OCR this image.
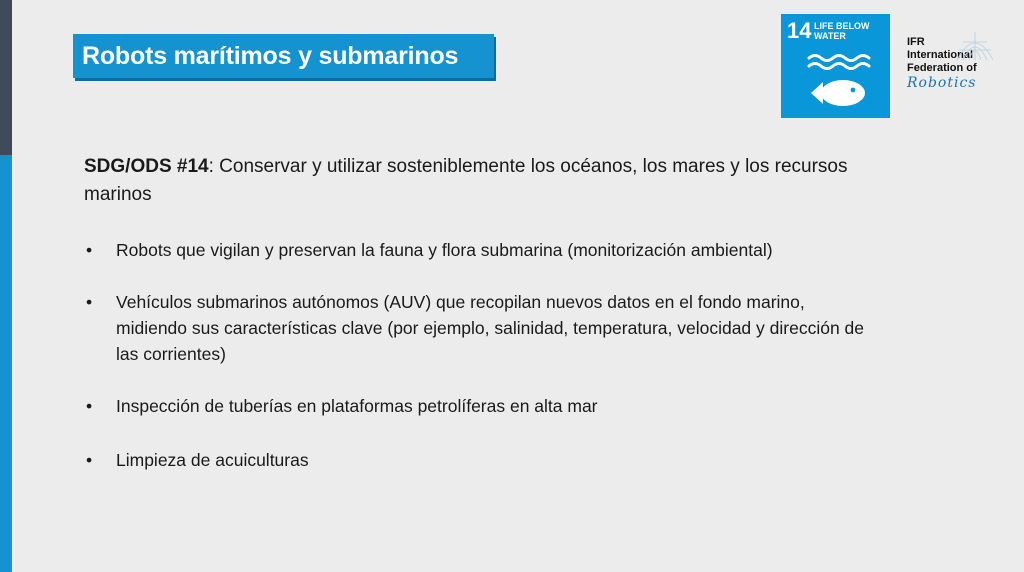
Robots marítimos y submarinos
14 LIFE BELOW
WATER	IFR
International
Federation of
Robotics

SDG/ODS #14: Conservar y utilizar sosteniblemente los océanos, los mares y los recursos marinos

• Robots que vigilan y preservan la fauna y flora submarina (monitorización ambiental)
• Vehículos submarinos autónomos (AUV) que recopilan nuevos datos en el fondo marino, midiendo sus características clave (por ejemplo, salinidad, temperatura, velocidad y dirección de las corrientes)
• Inspección de tuberías en plataformas petrolíferas en alta mar
• Limpieza de acuiculturas
